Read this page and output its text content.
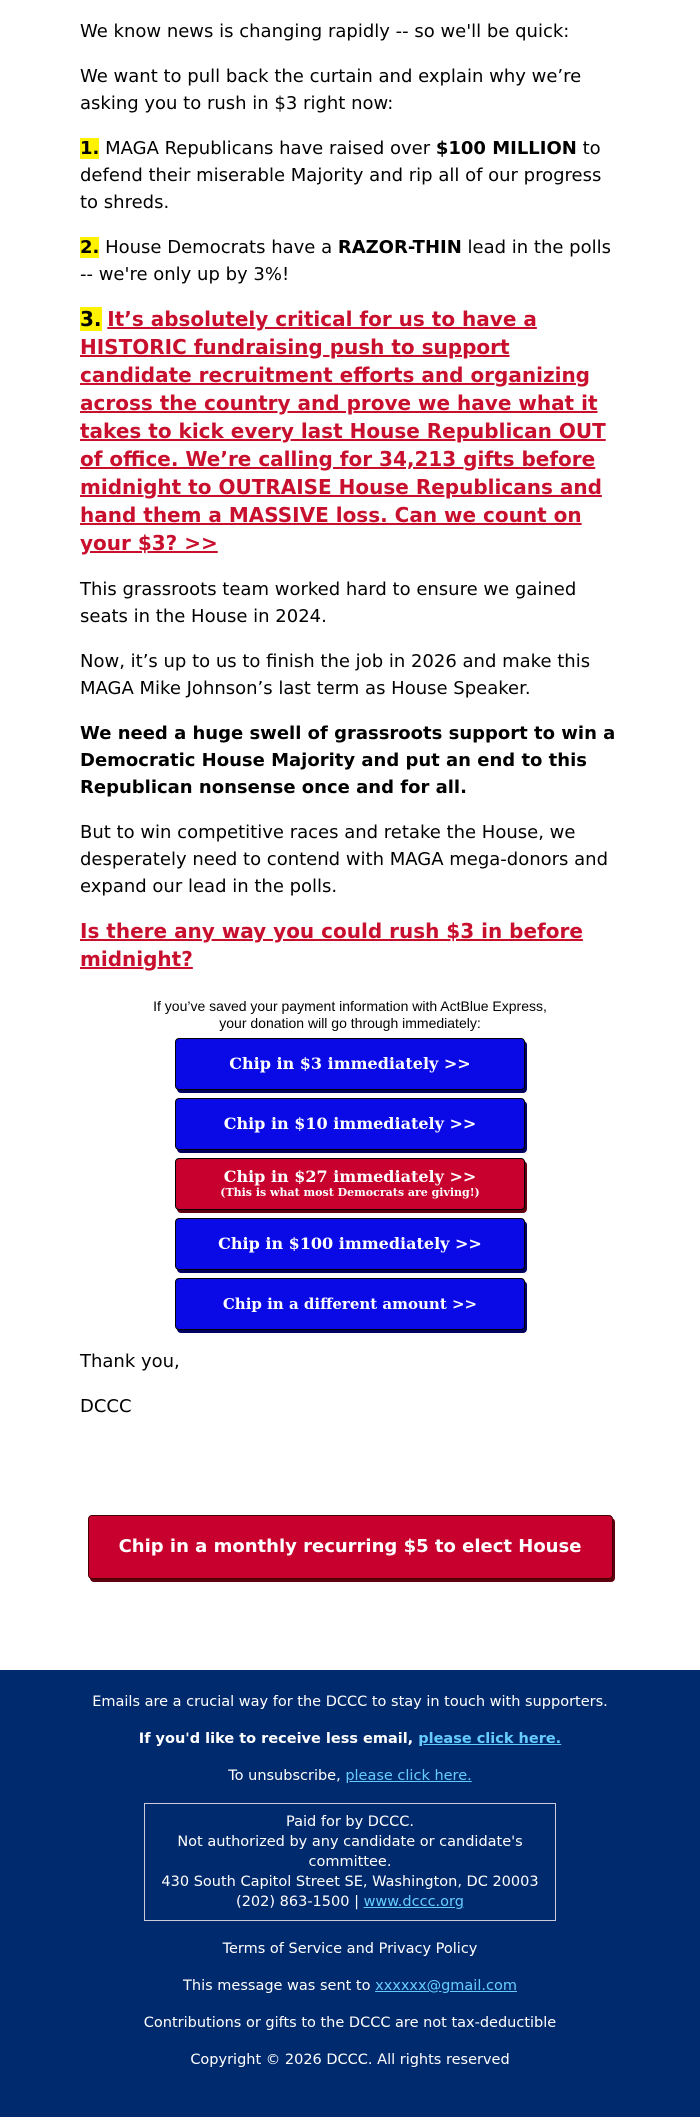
We know news is changing rapidly -- so we'll be quick:

We want to pull back the curtain and explain why we’re asking you to rush in $3 right now:

1. MAGA Republicans have raised over $100 MILLION to defend their miserable Majority and rip all of our progress to shreds.

2. House Democrats have a RAZOR-THIN lead in the polls -- we're only up by 3%!

3. It’s absolutely critical for us to have a HISTORIC fundraising push to support candidate recruitment efforts and organizing across the country and prove we have what it takes to kick every last House Republican OUT of office. We’re calling for 34,213 gifts before midnight to OUTRAISE House Republicans and hand them a MASSIVE loss. Can we count on your $3? >>

This grassroots team worked hard to ensure we gained seats in the House in 2024.

Now, it’s up to us to finish the job in 2026 and make this MAGA Mike Johnson’s last term as House Speaker.

We need a huge swell of grassroots support to win a Democratic House Majority and put an end to this Republican nonsense once and for all.

But to win competitive races and retake the House, we desperately need to contend with MAGA mega-donors and expand our lead in the polls.

Is there any way you could rush $3 in before midnight?

If you’ve saved your payment information with ActBlue Express,
your donation will go through immediately:
Chip in $3 immediately >>
Chip in $10 immediately >>
Chip in $27 immediately >>
(This is what most Democrats are giving!)
Chip in $100 immediately >>
Chip in a different amount >>

Thank you,

DCCC

Chip in a monthly recurring $5 to elect House Dems >>
Emails are a crucial way for the DCCC to stay in touch with supporters.
If you'd like to receive less email, please click here.
To unsubscribe, please click here.
Paid for by DCCC.
Not authorized by any candidate or candidate's committee.
430 South Capitol Street SE, Washington, DC 20003
(202) 863-1500 | www.dccc.org
Terms of Service and Privacy Policy
This message was sent to xxxxxx@gmail.com
Contributions or gifts to the DCCC are not tax-deductible
Copyright © 2026 DCCC. All rights reserved
